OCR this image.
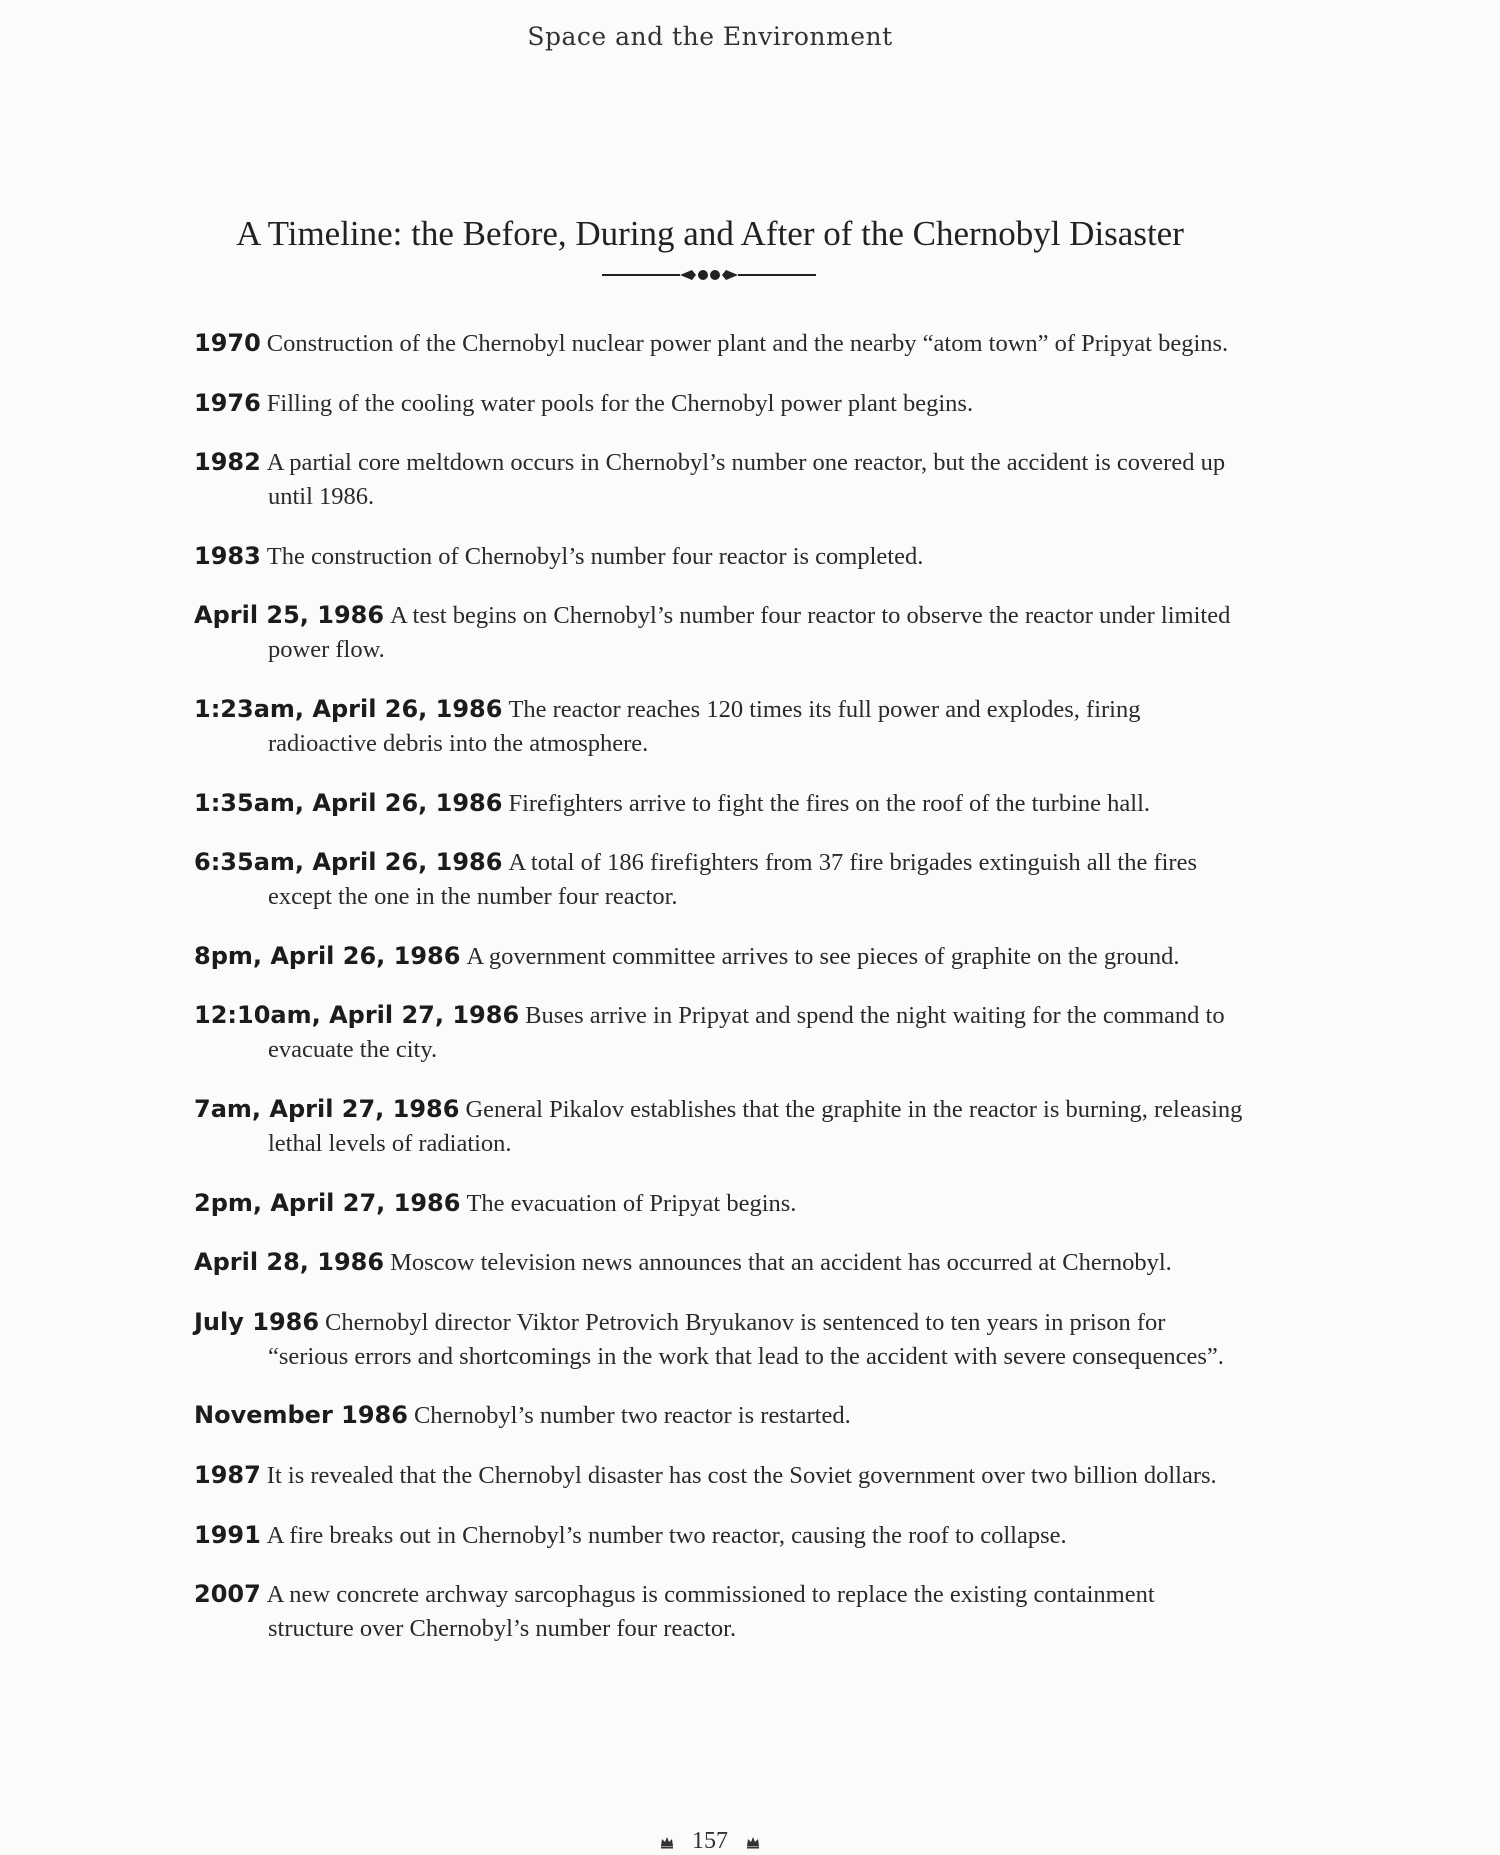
Space and the Environment
A Timeline: the Before, During and After of the Chernobyl Disaster
1970 Construction of the Chernobyl nuclear power plant and the nearby “atom town” of Pripyat begins.
1976 Filling of the cooling water pools for the Chernobyl power plant begins.
1982 A partial core meltdown occurs in Chernobyl’s number one reactor, but the accident is covered up until 1986.
1983 The construction of Chernobyl’s number four reactor is completed.
April 25, 1986 A test begins on Chernobyl’s number four reactor to observe the reactor under limited power flow.
1:23am, April 26, 1986 The reactor reaches 120 times its full power and explodes, firing radioactive debris into the atmosphere.
1:35am, April 26, 1986 Firefighters arrive to fight the fires on the roof of the turbine hall.
6:35am, April 26, 1986 A total of 186 firefighters from 37 fire brigades extinguish all the fires except the one in the number four reactor.
8pm, April 26, 1986 A government committee arrives to see pieces of graphite on the ground.
12:10am, April 27, 1986 Buses arrive in Pripyat and spend the night waiting for the command to evacuate the city.
7am, April 27, 1986 General Pikalov establishes that the graphite in the reactor is burning, releasing lethal levels of radiation.
2pm, April 27, 1986 The evacuation of Pripyat begins.
April 28, 1986 Moscow television news announces that an accident has occurred at Chernobyl.
July 1986 Chernobyl director Viktor Petrovich Bryukanov is sentenced to ten years in prison for “serious errors and shortcomings in the work that lead to the accident with severe consequences”.
November 1986 Chernobyl’s number two reactor is restarted.
1987 It is revealed that the Chernobyl disaster has cost the Soviet government over two billion dollars.
1991 A fire breaks out in Chernobyl’s number two reactor, causing the roof to collapse.
2007 A new concrete archway sarcophagus is commissioned to replace the existing containment structure over Chernobyl’s number four reactor.
157
